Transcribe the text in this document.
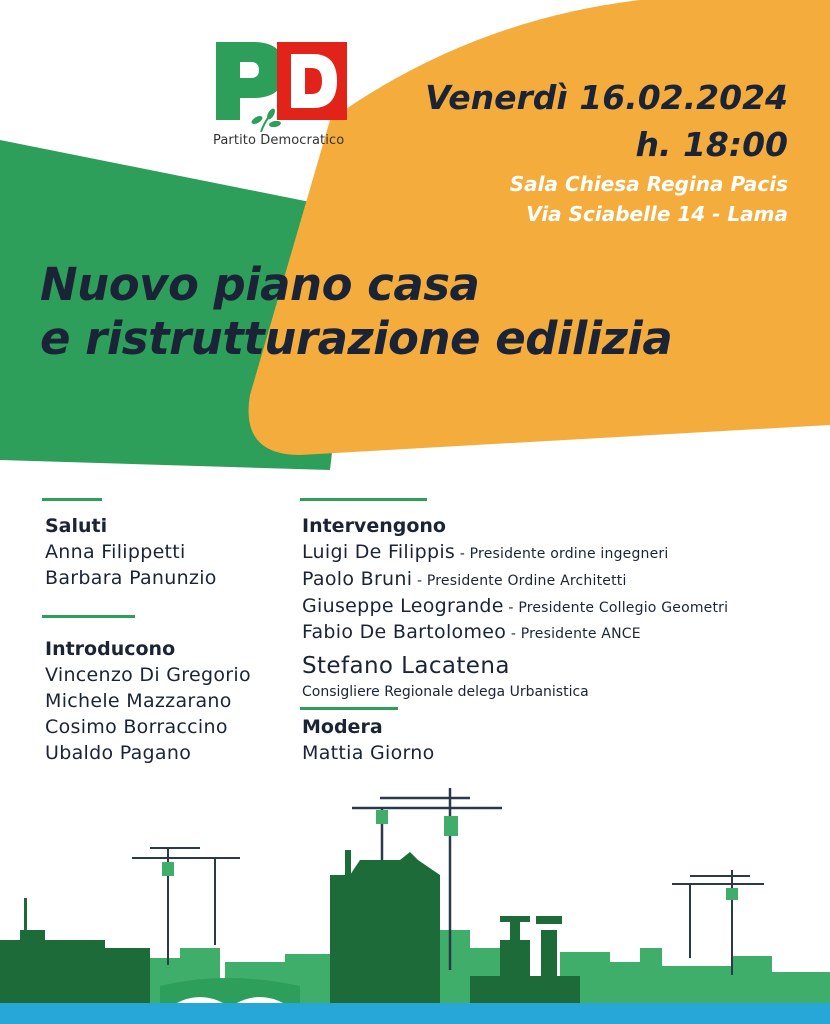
Partito Democratico
Venerdì 16.02.2024
h. 18:00
Sala Chiesa Regina Pacis
Via Sciabelle 14 - Lama
Nuovo piano casa
e ristrutturazione edilizia
Saluti
Anna Filippetti
Barbara Panunzio
Introducono
Vincenzo Di Gregorio
Michele Mazzarano
Cosimo Borraccino
Ubaldo Pagano
Intervengono
Luigi De Filippis - Presidente ordine ingegneri
Paolo Bruni - Presidente Ordine Architetti
Giuseppe Leogrande - Presidente Collegio Geometri
Fabio De Bartolomeo - Presidente ANCE
Stefano Lacatena
Consigliere Regionale delega Urbanistica
Modera
Mattia Giorno
